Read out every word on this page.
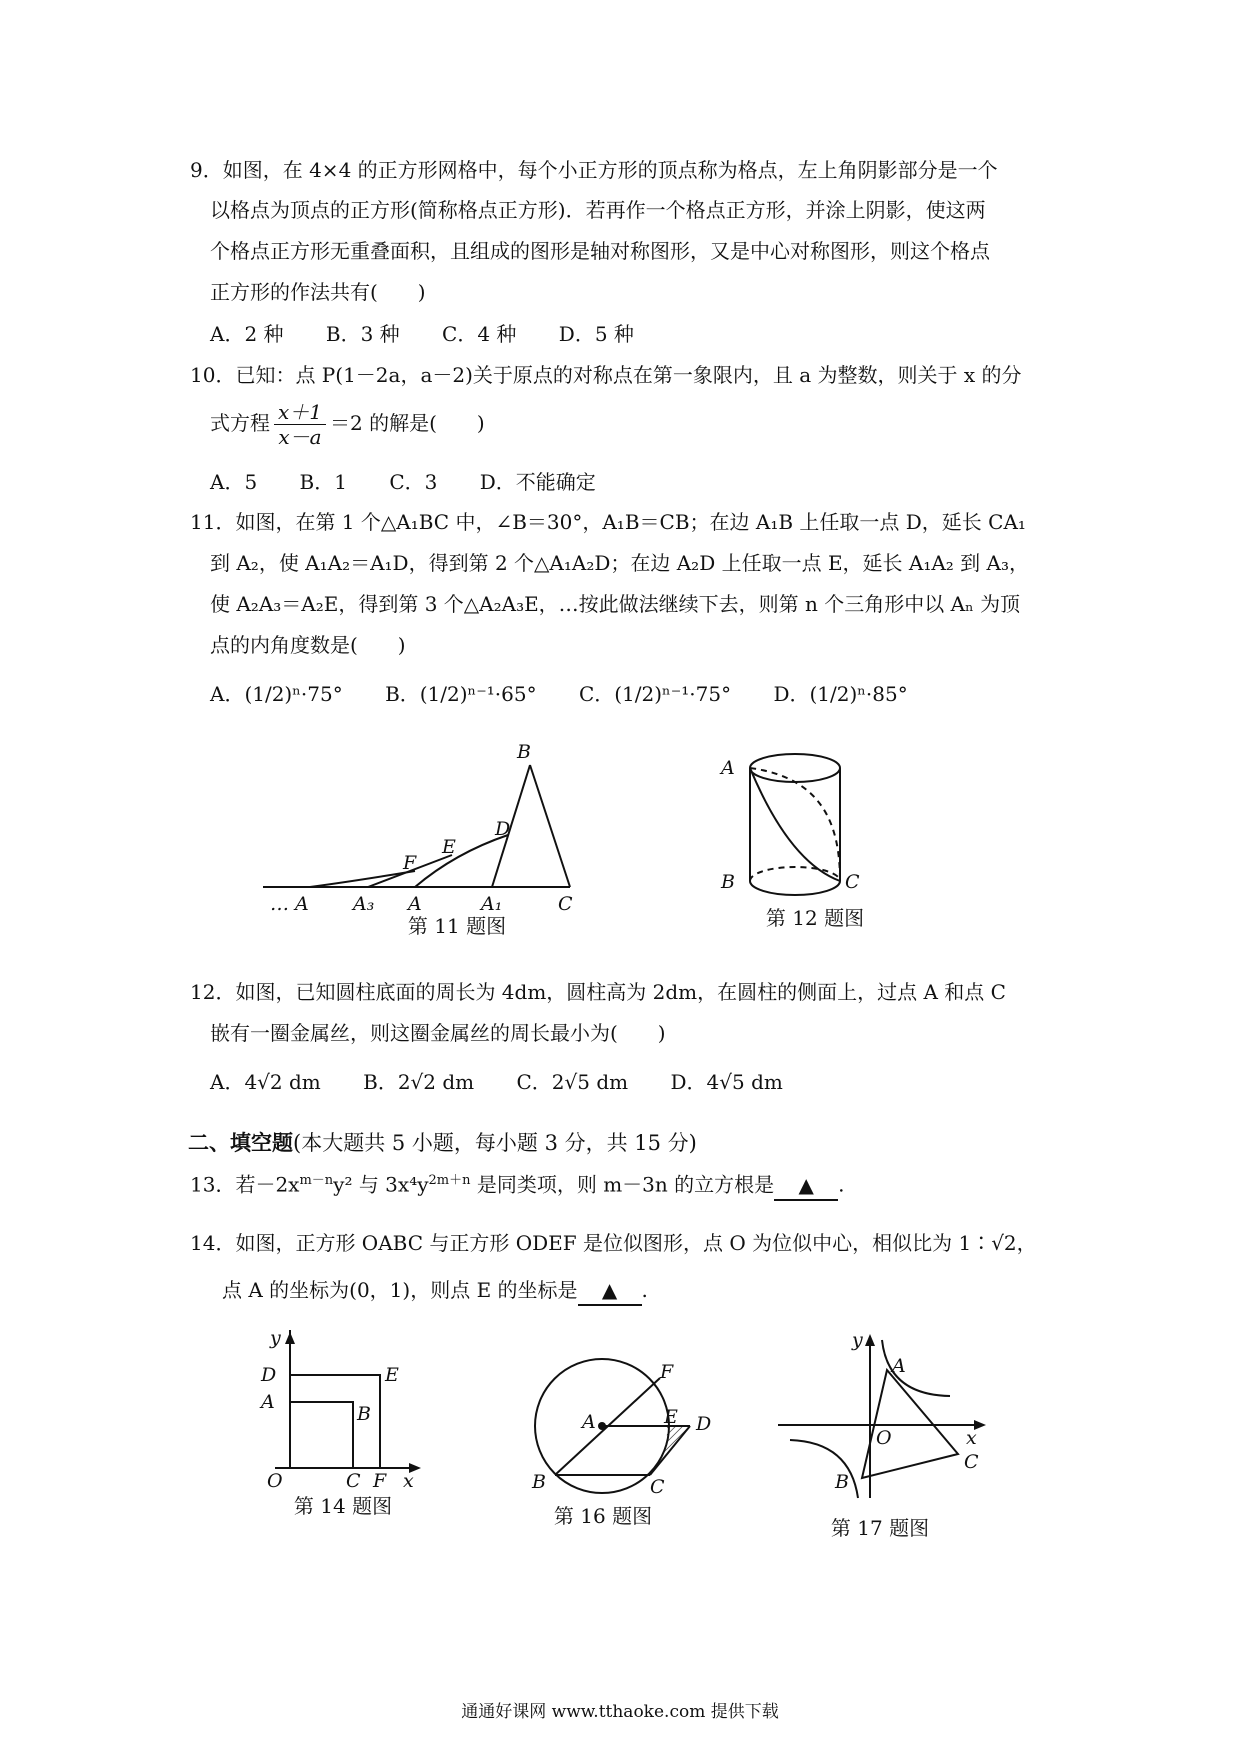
9．如图，在 4×4 的正方形网格中，每个小正方形的顶点称为格点，左上角阴影部分是一个
以格点为顶点的正方形(简称格点正方形)．若再作一个格点正方形，并涂上阴影，使这两
个格点正方形无重叠面积，且组成的图形是轴对称图形，又是中心对称图形，则这个格点
正方形的作法共有(　　)
A．2 种 B．3 种 C．4 种 D．5 种
10．已知：点 P(1－2a，a－2)关于原点的对称点在第一象限内，且 a 为整数，则关于 x 的分
式方程 $\frac{x+1}{x-a} =2$ 的解是(　　)
A．5 B．1 C．3 D．不能确定
11．如图，在第 1 个△A₁BC 中，∠B＝30°，A₁B＝CB；在边 A₁B 上任取一点 D，延长 CA₁
到 A₂，使 A₁A₂＝A₁D，得到第 2 个△A₁A₂D；在边 A₂D 上任取一点 E，延长 A₁A₂ 到 A₃，
使 A₂A₃＝A₂E，得到第 3 个△A₂A₃E，…按此做法继续下去，则第 n 个三角形中以 Aₙ 为顶
点的内角度数是(　　)
A．(1/2)ⁿ·75° B．(1/2)ⁿ⁻¹·65° C．(1/2)ⁿ⁻¹·75° D．(1/2)ⁿ·85°
B
D
E
F
… A A₃ A	A₁	C
第 11 题图
A
B	C
第 12 题图
12．如图，已知圆柱底面的周长为 4dm，圆柱高为 2dm，在圆柱的侧面上，过点 A 和点 C
嵌有一圈金属丝，则这圈金属丝的周长最小为(　　)
A．4√2 dm B．2√2 dm C．2√5 dm D．4√5 dm
二、填空题(本大题共 5 小题，每小题 3 分，共 15 分)
13．若$-2x^{m-n}y^2$ 与 $3x^4y^{2m+n}$ 是同类项，则 m－3n 的立方根是 ▲ .
14．如图，正方形 OABC 与正方形 ODEF 是位似图形，点 O 为位似中心，相似比为 1∶√2，
点 A 的坐标为(0，1)，则点 E 的坐标是 ▲ .
y
D	E
A
B
O	C F x
第 14 题图
F
A	E D
B	C
第 16 题图
y
A
O	x
B
C
第 17 题图
通通好课网 www.tthaoke.com 提供下载
